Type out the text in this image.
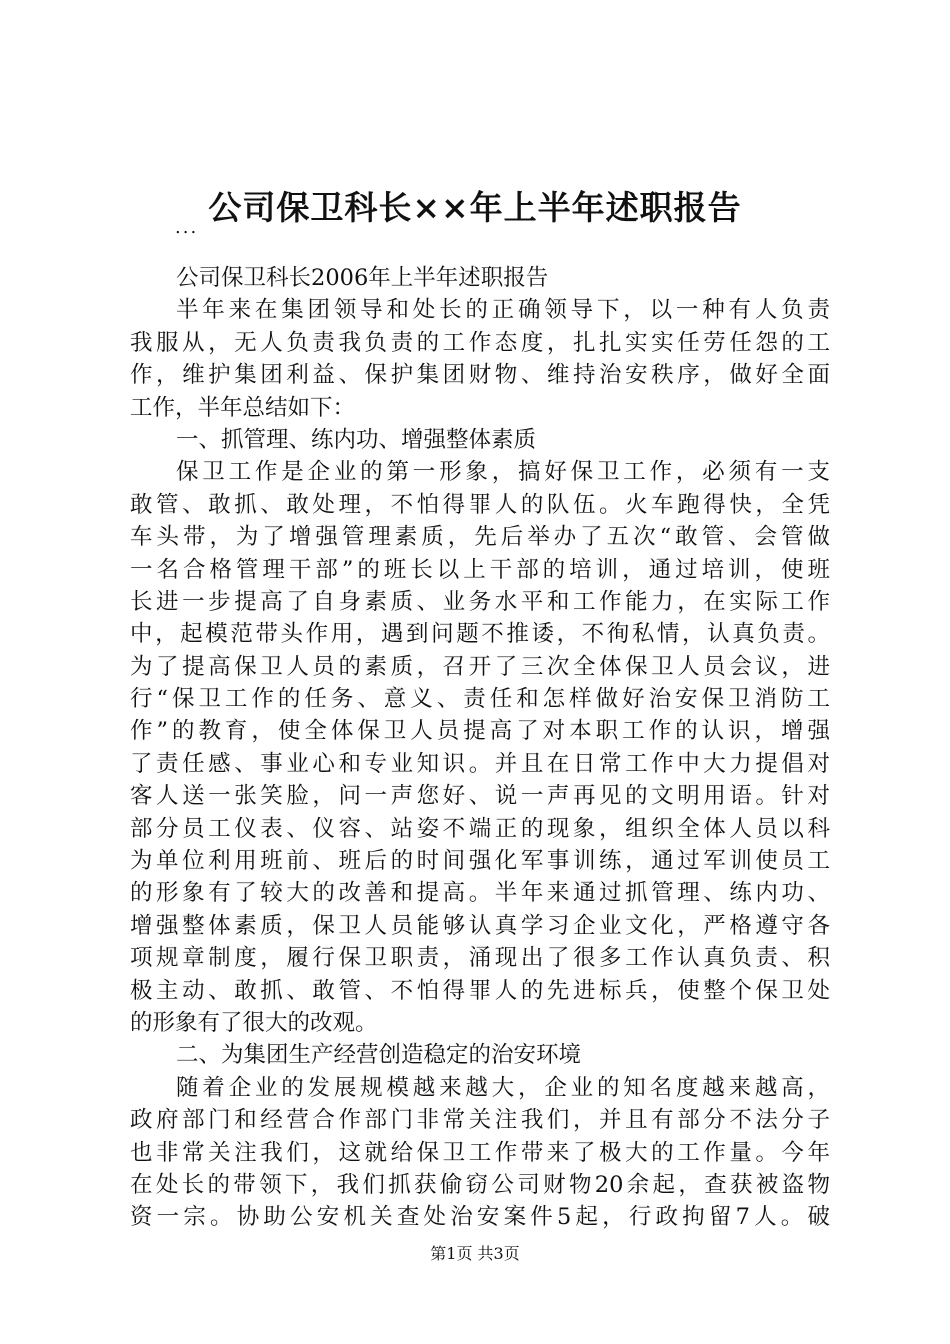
公司保卫科长××年上半年述职报告
...
公司保卫科长2006年上半年述职报告
半年来在集团领导和处长的正确领导下，以一种有人负责
我服从，无人负责我负责的工作态度，扎扎实实任劳任怨的工
作，维护集团利益、保护集团财物、维持治安秩序，做好全面
工作，半年总结如下：
一、抓管理、练内功、增强整体素质
保卫工作是企业的第一形象，搞好保卫工作，必须有一支
敢管、敢抓、敢处理，不怕得罪人的队伍。火车跑得快，全凭
车头带，为了增强管理素质，先后举办了五次“敢管、会管做
一名合格管理干部”的班长以上干部的培训，通过培训，使班
长进一步提高了自身素质、业务水平和工作能力，在实际工作
中，起模范带头作用，遇到问题不推诿，不徇私情，认真负责。
为了提高保卫人员的素质，召开了三次全体保卫人员会议，进
行“保卫工作的任务、意义、责任和怎样做好治安保卫消防工
作”的教育，使全体保卫人员提高了对本职工作的认识，增强
了责任感、事业心和专业知识。并且在日常工作中大力提倡对
客人送一张笑脸，问一声您好、说一声再见的文明用语。针对
部分员工仪表、仪容、站姿不端正的现象，组织全体人员以科
为单位利用班前、班后的时间强化军事训练，通过军训使员工
的形象有了较大的改善和提高。半年来通过抓管理、练内功、
增强整体素质，保卫人员能够认真学习企业文化，严格遵守各
项规章制度，履行保卫职责，涌现出了很多工作认真负责、积
极主动、敢抓、敢管、不怕得罪人的先进标兵，使整个保卫处
的形象有了很大的改观。
二、为集团生产经营创造稳定的治安环境
随着企业的发展规模越来越大，企业的知名度越来越高，
政府部门和经营合作部门非常关注我们，并且有部分不法分子
也非常关注我们，这就给保卫工作带来了极大的工作量。今年
在处长的带领下，我们抓获偷窃公司财物20余起，查获被盗物
资一宗。协助公安机关查处治安案件5起，行政拘留7人。破
第1页 共3页
